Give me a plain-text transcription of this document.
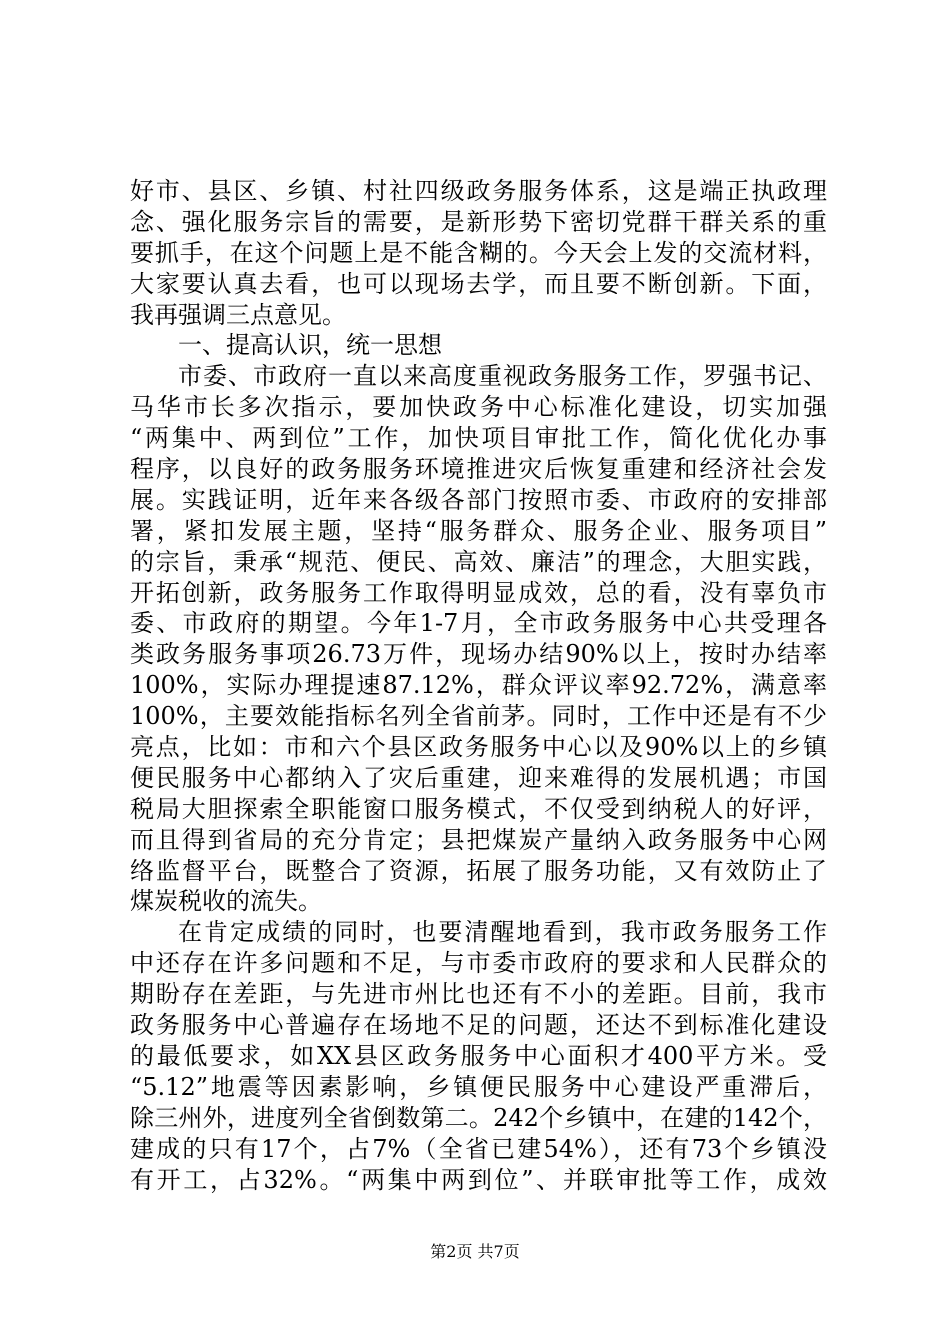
好市、县区、乡镇、村社四级政务服务体系，这是端正执政理
念、强化服务宗旨的需要，是新形势下密切党群干群关系的重
要抓手，在这个问题上是不能含糊的。今天会上发的交流材料，
大家要认真去看，也可以现场去学，而且要不断创新。下面，
我再强调三点意见。
一、提高认识，统一思想
市委、市政府一直以来高度重视政务服务工作，罗强书记、
马华市长多次指示，要加快政务中心标准化建设，切实加强
“两集中、两到位”工作，加快项目审批工作，简化优化办事
程序，以良好的政务服务环境推进灾后恢复重建和经济社会发
展。实践证明，近年来各级各部门按照市委、市政府的安排部
署，紧扣发展主题，坚持“服务群众、服务企业、服务项目”
的宗旨，秉承“规范、便民、高效、廉洁”的理念，大胆实践，
开拓创新，政务服务工作取得明显成效，总的看，没有辜负市
委、市政府的期望。今年1-7月，全市政务服务中心共受理各
类政务服务事项26.73万件，现场办结90%以上，按时办结率
100%，实际办理提速87.12%，群众评议率92.72%，满意率
100%，主要效能指标名列全省前茅。同时，工作中还是有不少
亮点，比如：市和六个县区政务服务中心以及90%以上的乡镇
便民服务中心都纳入了灾后重建，迎来难得的发展机遇；市国
税局大胆探索全职能窗口服务模式，不仅受到纳税人的好评，
而且得到省局的充分肯定；县把煤炭产量纳入政务服务中心网
络监督平台，既整合了资源，拓展了服务功能，又有效防止了
煤炭税收的流失。
在肯定成绩的同时，也要清醒地看到，我市政务服务工作
中还存在许多问题和不足，与市委市政府的要求和人民群众的
期盼存在差距，与先进市州比也还有不小的差距。目前，我市
政务服务中心普遍存在场地不足的问题，还达不到标准化建设
的最低要求，如XX县区政务服务中心面积才400平方米。受
“5.12”地震等因素影响，乡镇便民服务中心建设严重滞后，
除三州外，进度列全省倒数第二。242个乡镇中，在建的142个，
建成的只有17个，占7%（全省已建54%），还有73个乡镇没
有开工，占32%。“两集中两到位”、并联审批等工作，成效
第2页 共7页
